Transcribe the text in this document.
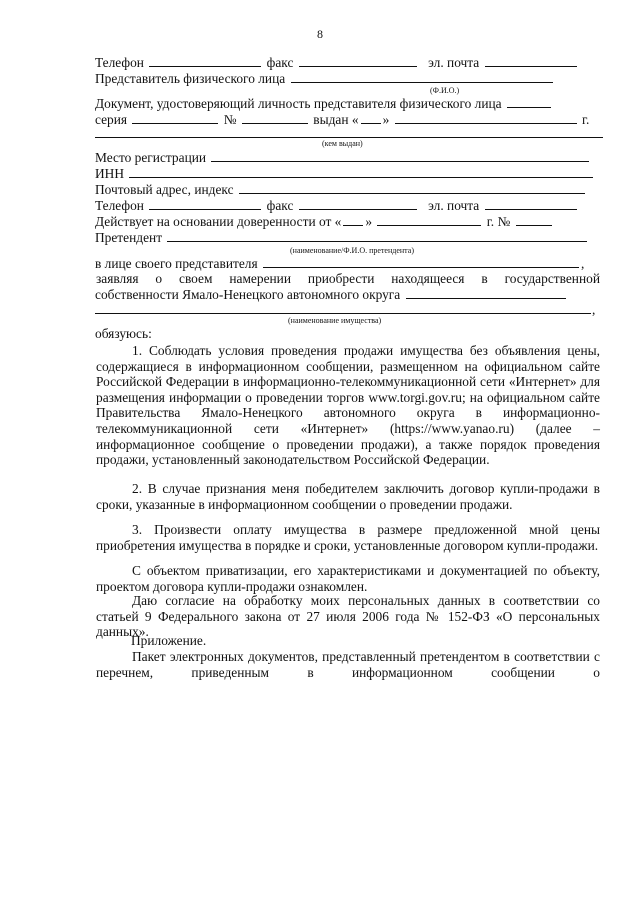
8
Телефон	факс	эл. почта
Представитель физического лица
(Ф.И.О.)
Документ, удостоверяющий личность представителя физического лица
серия	№	выдан « »	г.
(кем выдан)
Место регистрации
ИНН
Почтовый адрес, индекс
Телефон	факс	эл. почта
Действует на основании доверенности от « »	г. №
Претендент
(наименование/Ф.И.О. претендента)
в лице своего представителя	,
заявляя о своем намерении приобрести находящееся в государственной
собственности Ямало-Ненецкого автономного округа
,
(наименование имущества)
обязуюсь:
1. Соблюдать условия проведения продажи имущества без объявления цены, содержащиеся в информационном сообщении, размещенном на официальном сайте Российской Федерации в информационно-телекоммуникационной сети «Интернет» для размещения информации о проведении торгов www.torgi.gov.ru; на официальном сайте Правительства Ямало-Ненецкого автономного округа в информационно-телекоммуникационной сети «Интернет» (https://www.yanao.ru) (далее – информационное сообщение о проведении продажи), а также порядок проведения продажи, установленный законодательством Российской Федерации.
2. В случае признания меня победителем заключить договор купли-продажи в сроки, указанные в информационном сообщении о проведении продажи.
3. Произвести оплату имущества в размере предложенной мной цены приобретения имущества в порядке и сроки, установленные договором купли-продажи.
С объектом приватизации, его характеристиками и документацией по объекту, проектом договора купли-продажи ознакомлен.
Даю согласие на обработку моих персональных данных в соответствии со статьей 9 Федерального закона от 27 июля 2006 года № 152-ФЗ «О персональных данных».
Приложение.
Пакет электронных документов, представленный претендентом в соответствии с перечнем, приведенным в информационном сообщении о
